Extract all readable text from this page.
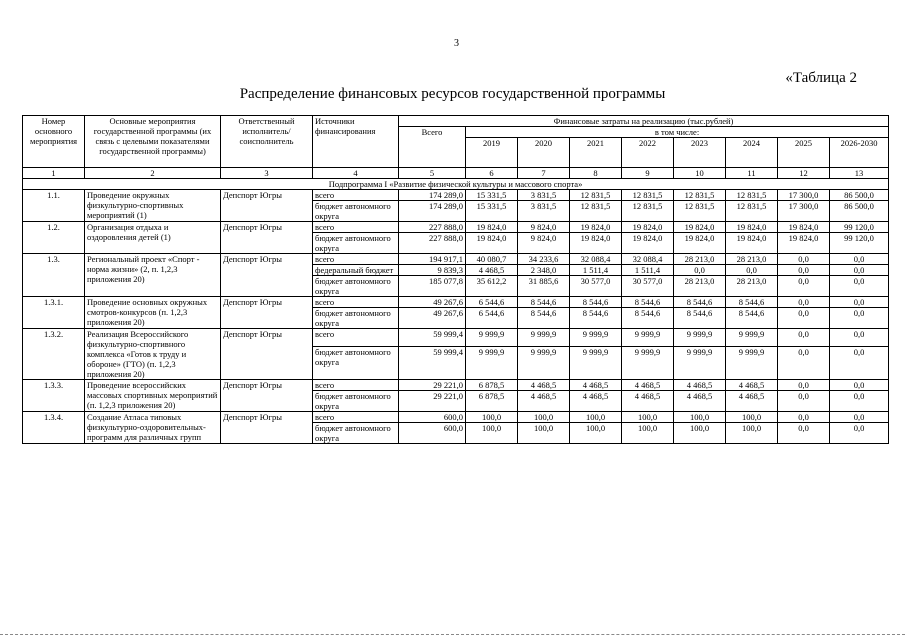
3
«Таблица 2
Распределение финансовых ресурсов государственной программы
Номер основного мероприятия	Основные мероприятия государственной программы (их связь с целевыми показателями государственной программы)	Ответственный исполнитель/ соисполнитель	Источники финансирования	Финансовые затраты на реализацию (тыс.рублей)								
				Всего	в том числе:							
					2019	2020	2021	2022	2023	2024	2025	2026-2030
1	2	3	4	5	6	7	8	9	10	11	12	13
Подпрограмма I «Развитие физической культуры и массового спорта»												
1.1.	Проведение окружных физкультурно-спортивных мероприятий (1)	Депспорт Югры	всего	174 289,0	15 331,5	3 831,5	12 831,5	12 831,5	12 831,5	12 831,5	17 300,0	86 500,0
			бюджет автономного округа	174 289,0	15 331,5	3 831,5	12 831,5	12 831,5	12 831,5	12 831,5	17 300,0	86 500,0
1.2.	Организация отдыха и оздоровления детей (1)	Депспорт Югры	всего	227 888,0	19 824,0	9 824,0	19 824,0	19 824,0	19 824,0	19 824,0	19 824,0	99 120,0
			бюджет автономного округа	227 888,0	19 824,0	9 824,0	19 824,0	19 824,0	19 824,0	19 824,0	19 824,0	99 120,0
1.3.	Региональный проект «Спорт - норма жизни» (2, п. 1,2,3 приложения 20)	Депспорт Югры	всего	194 917,1	40 080,7	34 233,6	32 088,4	32 088,4	28 213,0	28 213,0	0,0	0,0
			федеральный бюджет	9 839,3	4 468,5	2 348,0	1 511,4	1 511,4	0,0	0,0	0,0	0,0
			бюджет автономного округа	185 077,8	35 612,2	31 885,6	30 577,0	30 577,0	28 213,0	28 213,0	0,0	0,0
1.3.1.	Проведение основных окружных смотров-конкурсов (п. 1,2,3 приложения 20)	Депспорт Югры	всего	49 267,6	6 544,6	8 544,6	8 544,6	8 544,6	8 544,6	8 544,6	0,0	0,0
			бюджет автономного округа	49 267,6	6 544,6	8 544,6	8 544,6	8 544,6	8 544,6	8 544,6	0,0	0,0
1.3.2.	Реализация Всероссийского физкультурно-спортивного комплекса «Готов к труду и обороне» (ГТО) (п. 1,2,3 приложения 20)	Депспорт Югры	всего	59 999,4	9 999,9	9 999,9	9 999,9	9 999,9	9 999,9	9 999,9	0,0	0,0
			бюджет автономного округа	59 999,4	9 999,9	9 999,9	9 999,9	9 999,9	9 999,9	9 999,9	0,0	0,0
1.3.3.	Проведение всероссийских массовых спортивных мероприятий (п. 1,2,3 приложения 20)	Депспорт Югры	всего	29 221,0	6 878,5	4 468,5	4 468,5	4 468,5	4 468,5	4 468,5	0,0	0,0
			бюджет автономного округа	29 221,0	6 878,5	4 468,5	4 468,5	4 468,5	4 468,5	4 468,5	0,0	0,0
1.3.4.	Создание Атласа типовых физкультурно-оздоровительных-программ для различных групп	Депспорт Югры	всего	600,0	100,0	100,0	100,0	100,0	100,0	100,0	0,0	0,0
			бюджет автономного округа	600,0	100,0	100,0	100,0	100,0	100,0	100,0	0,0	0,0
